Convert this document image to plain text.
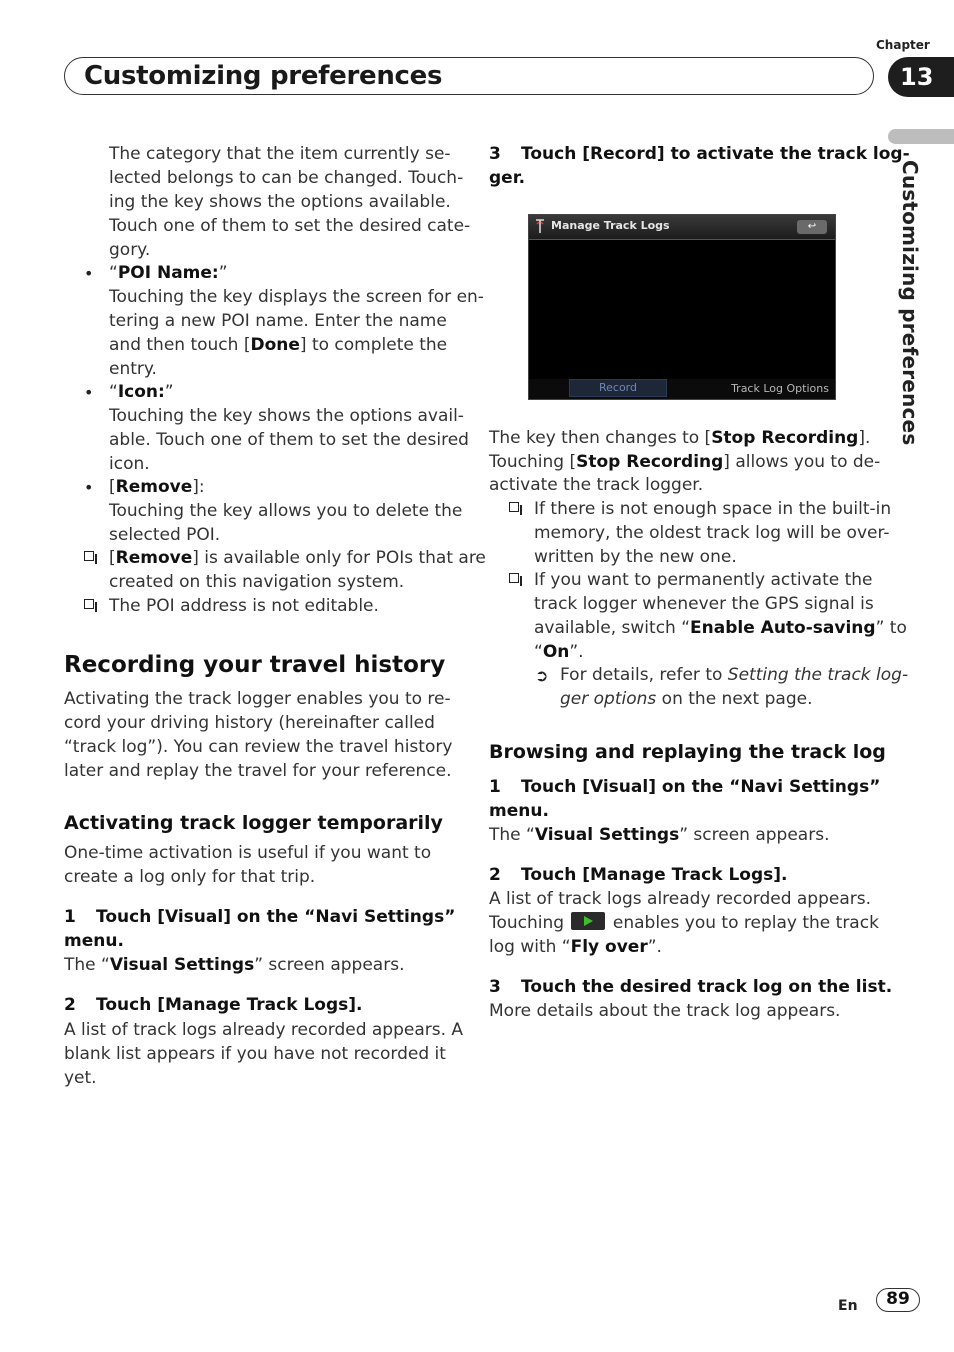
Customizing preferences
Chapter
13
Customizing preferences
The category that the item currently se-
lected belongs to can be changed. Touch-
ing the key shows the options available.
Touch one of them to set the desired cate-
gory.
• “POI Name:”
Touching the key displays the screen for en-
tering a new POI name. Enter the name
and then touch [Done] to complete the
entry.
• “Icon:”
Touching the key shows the options avail-
able. Touch one of them to set the desired
icon.
• [Remove]:
Touching the key allows you to delete the
selected POI.
[Remove] is available only for POIs that are
created on this navigation system.
The POI address is not editable.
Recording your travel history
Activating the track logger enables you to re-
cord your driving history (hereinafter called
“track log”). You can review the travel history
later and replay the travel for your reference.
Activating track logger temporarily
One-time activation is useful if you want to
create a log only for that trip.
1 Touch [Visual] on the “Navi Settings”
menu.
The “Visual Settings” screen appears.
2 Touch [Manage Track Logs].
A list of track logs already recorded appears. A
blank list appears if you have not recorded it
yet.
3 Touch [Record] to activate the track log-
ger.
Manage Track Logs	↩
Record	Track Log Options
The key then changes to [Stop Recording].
Touching [Stop Recording] allows you to de-
activate the track logger.
If there is not enough space in the built-in
memory, the oldest track log will be over-
written by the new one.
If you want to permanently activate the
track logger whenever the GPS signal is
available, switch “Enable Auto-saving” to
“On”.
➲ For details, refer to Setting the track log-
ger options on the next page.
Browsing and replaying the track log
1 Touch [Visual] on the “Navi Settings”
menu.
The “Visual Settings” screen appears.
2 Touch [Manage Track Logs].
A list of track logs already recorded appears.
Touching  enables you to replay the track
log with “Fly over”.
3 Touch the desired track log on the list.
More details about the track log appears.
En	89
